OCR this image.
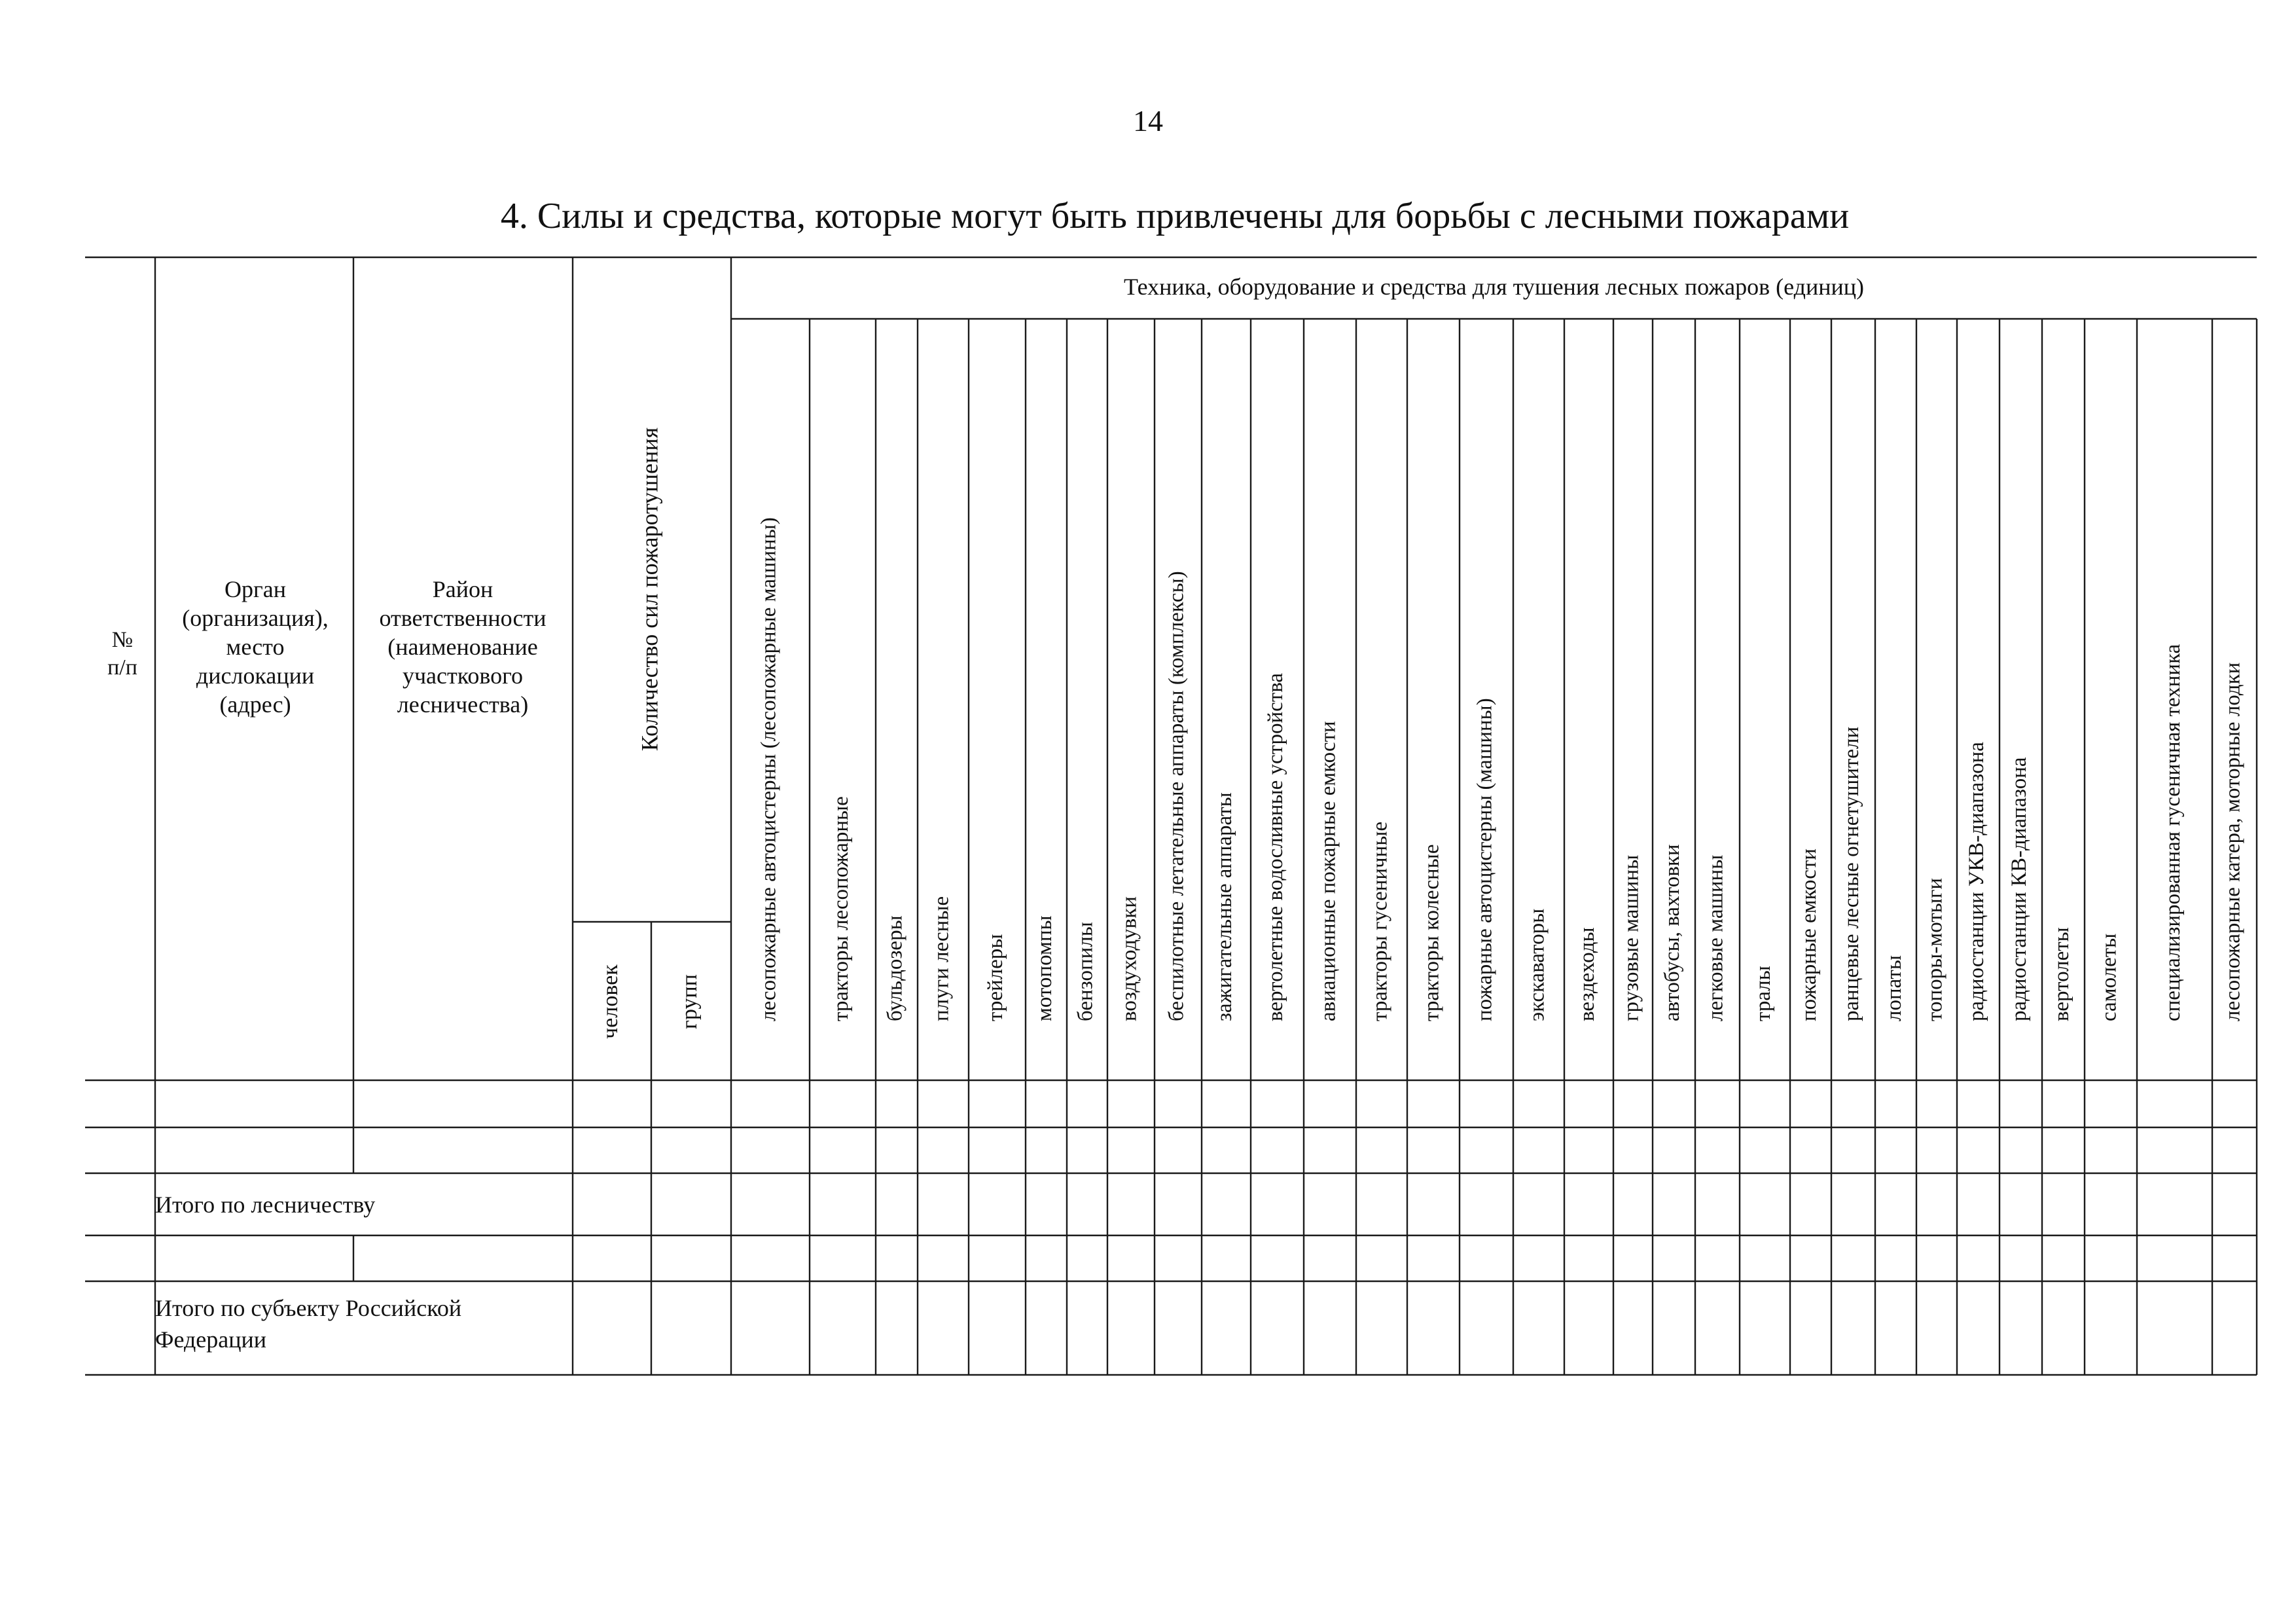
14
4. Силы и средства, которые могут быть привлечены для борьбы с лесными пожарами
№
п/п
Орган
(организация),
место
дислокации
(адрес)
Район
ответственности
(наименование
участкового
лесничества)	Количество сил пожаротушения
человек групп
Техника, оборудование и средства для тушения лесных пожаров (единиц)
лесопожарные автоцистерны (лесопожарные машины) тракторы лесопожарные бульдозеры плуги лесные трейлеры мотопомпы бензопилы воздуходувки беспилотные летательные аппараты (комплексы) зажигательные аппараты вертолетные водосливные устройства авиационные пожарные емкости тракторы гусеничные тракторы колесные пожарные автоцистерны (машины) экскаваторы вездеходы грузовые машины автобусы, вахтовки легковые машины тралы пожарные емкости ранцевые лесные огнетушители лопаты топоры-мотыги радиостанции УКВ-диапазона радиостанции КВ-диапазона вертолеты самолеты специализированная гусеничная техника лесопожарные катера, моторные лодки
Итого по лесничеству
Итого по субъекту Российской
Федерации
